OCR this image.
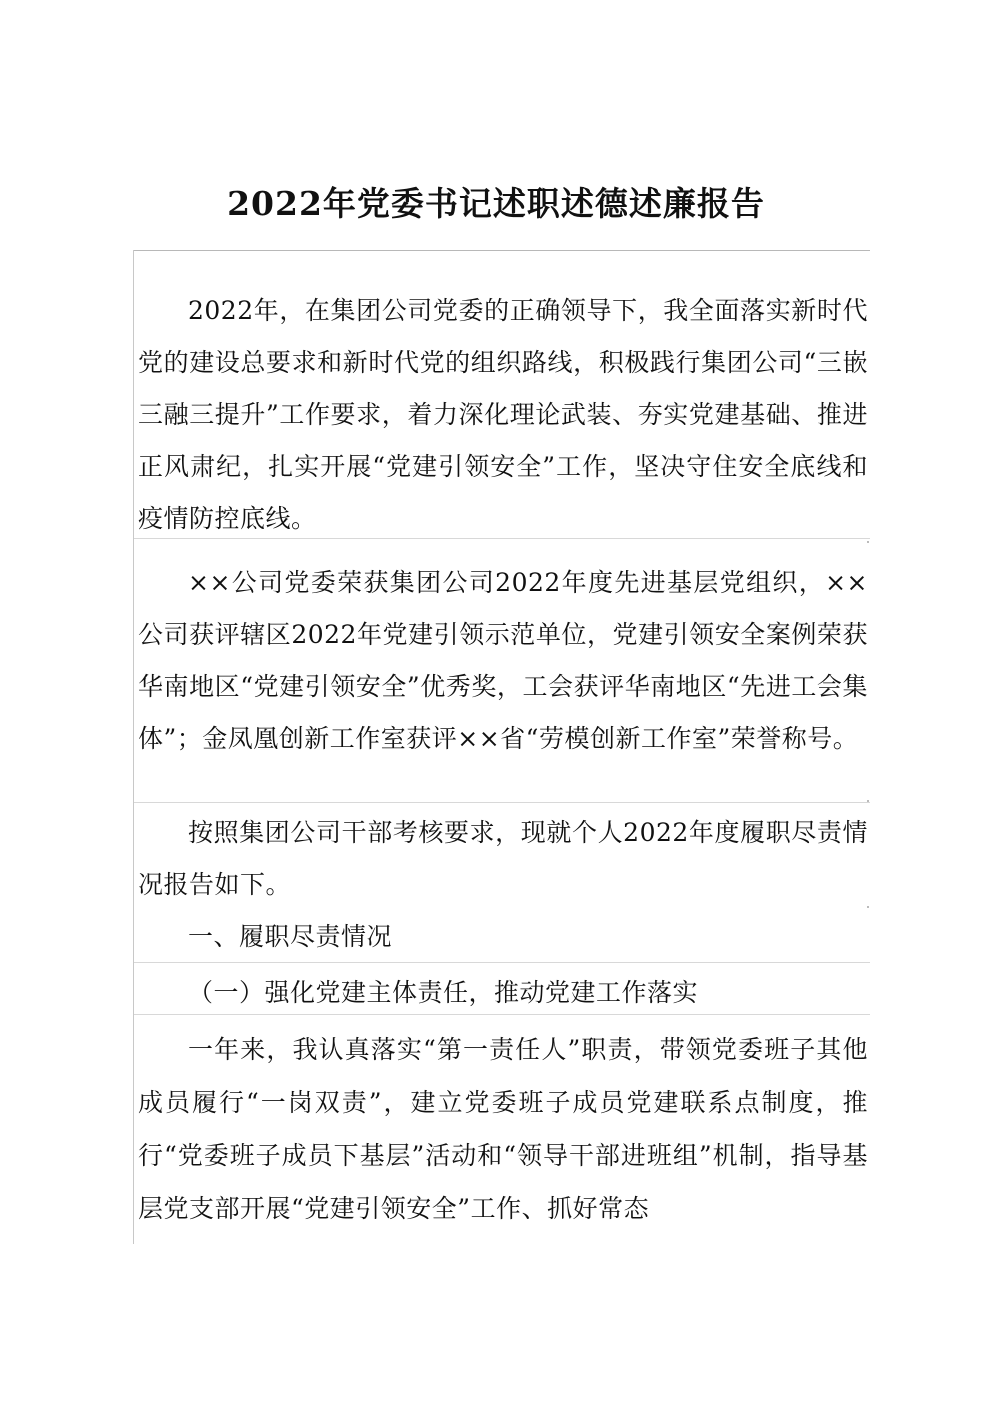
2022年党委书记述职述德述廉报告

2022年，在集团公司党委的正确领导下，我全面落实新时代党的建设总要求和新时代党的组织路线，积极践行集团公司“三嵌三融三提升”工作要求，着力深化理论武装、夯实党建基础、推进正风肃纪，扎实开展“党建引领安全”工作，坚决守住安全底线和疫情防控底线。

××公司党委荣获集团公司2022年度先进基层党组织，××公司获评辖区2022年党建引领示范单位，党建引领安全案例荣获华南地区“党建引领安全”优秀奖，工会获评华南地区“先进工会集体”；金凤凰创新工作室获评××省“劳模创新工作室”荣誉称号。

按照集团公司干部考核要求，现就个人2022年度履职尽责情况报告如下。

一、履职尽责情况

（一）强化党建主体责任，推动党建工作落实

一年来，我认真落实“第一责任人”职责，带领党委班子其他成员履行“一岗双责”，建立党委班子成员党建联系点制度，推行“党委班子成员下基层”活动和“领导干部进班组”机制，指导基层党支部开展“党建引领安全”工作、抓好常态
